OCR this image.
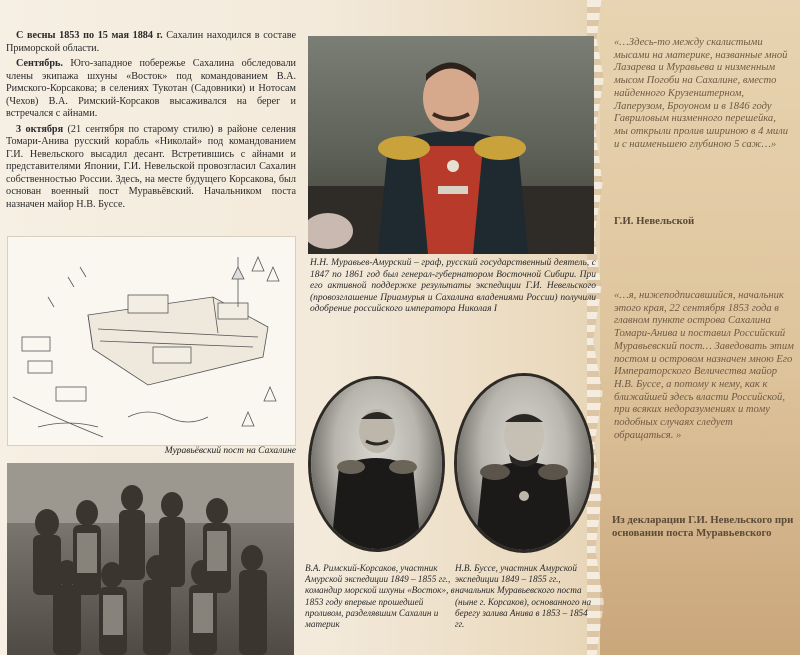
С весны 1853 по 15 мая 1884 г. Сахалин находился в составе Приморской области.

Сентябрь. Юго-западное побережье Сахалина обследовали члены экипажа шхуны «Восток» под командованием В.А. Римского-Корсакова; в селениях Тукотан (Садовники) и Нотосам (Чехов) В.А. Римский-Корсаков высаживался на берег и встречался с айнами.

3 октября (21 сентября по старому стилю) в районе селения Томари-Анива русский корабль «Николай» под командованием Г.И. Невельского высадил десант. Встретившись с айнами и представителями Японии, Г.И. Невельской провозгласил Сахалин собственностью России. Здесь, на месте будущего Корсакова, был основан военный пост Муравьёвский. Начальником поста назначен майор Н.В. Буссе.

Муравьёвский пост на Сахалине
Н.Н. Муравьев-Амурский – граф, русский государственный деятель, с 1847 по 1861 год был генерал-губернатором Восточной Сибири. При его активной поддержке результаты экспедиции Г.И. Невельского (провозглашение Приамурья и Сахалина владениями России) получили одобрение российского императора Николая I
В.А. Римский-Корсаков, участник Амурской экспедиции 1849 – 1855 гг., командир морской шхуны «Восток», в 1853 году впервые прошедшей проливом, разделявшим Сахалин и материк
Н.В. Буссе, участник Амурской экспедиции 1849 – 1855 гг., начальник Муравьевского поста (ныне г. Корсаков), основанного на берегу залива Анива в 1853 – 1854 гг.
«…Здесь-то между скалистыми мысами на материке, названные мной Лазарева и Муравьева и низменным мысом Погоби на Сахалине, вместо найденного Крузенштерном, Лаперузом, Броуоном и в 1846 году Гавриловым низменного перешейка, мы открыли пролив шириною в 4 мили и с наименьшею глубиною 5 саж…»
Г.И. Невельской
«…я, нижеподписавшийся, начальник этого края, 22 сентября 1853 года в главном пункте острова Сахалина Томари-Анива и поставил Российский Муравьевский пост… Заведовать этим постом и островом назначен мною Его Императорского Величества майор Н.В. Буссе, а потому к нему, как к ближайшей здесь власти Российской, при всяких недоразумениях и тому подобных случаях следует обращаться. »
Из декларации Г.И. Невельского при основании поста Муравьевского
